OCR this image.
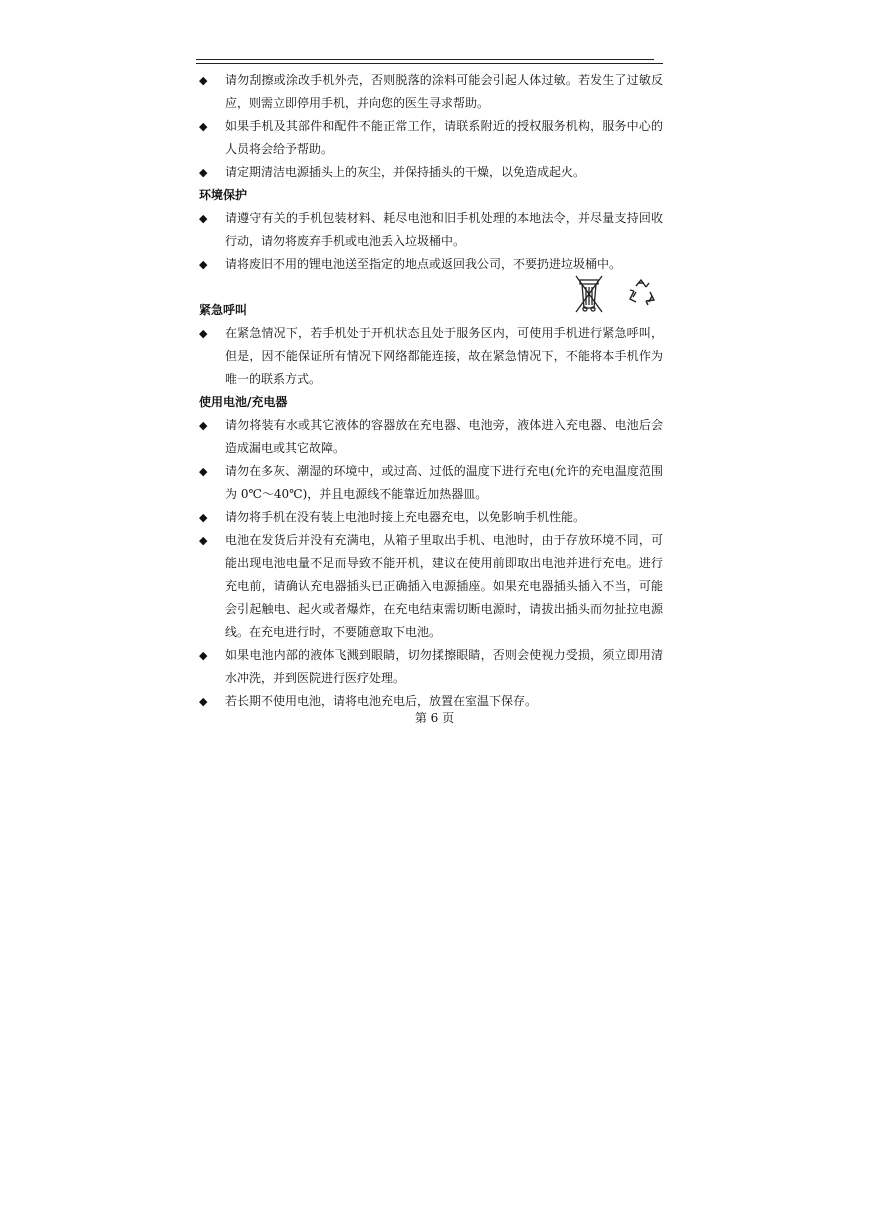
◆ 请勿刮擦或涂改手机外壳，否则脱落的涂料可能会引起人体过敏。若发生了过敏反应，则需立即停用手机，并向您的医生寻求帮助。
◆ 如果手机及其部件和配件不能正常工作，请联系附近的授权服务机构，服务中心的人员将会给予帮助。
◆ 请定期清洁电源插头上的灰尘，并保持插头的干燥，以免造成起火。
环境保护
◆ 请遵守有关的手机包装材料、耗尽电池和旧手机处理的本地法令，并尽量支持回收行动，请勿将废弃手机或电池丢入垃圾桶中。
◆ 请将废旧不用的锂电池送至指定的地点或返回我公司，不要扔进垃圾桶中。
紧急呼叫
◆ 在紧急情况下，若手机处于开机状态且处于服务区内，可使用手机进行紧急呼叫，但是，因不能保证所有情况下网络都能连接，故在紧急情况下，不能将本手机作为唯一的联系方式。
使用电池/充电器
◆ 请勿将装有水或其它液体的容器放在充电器、电池旁，液体进入充电器、电池后会造成漏电或其它故障。
◆ 请勿在多灰、潮湿的环境中，或过高、过低的温度下进行充电(允许的充电温度范围为 0℃～40℃)，并且电源线不能靠近加热器皿。
◆ 请勿将手机在没有装上电池时接上充电器充电，以免影响手机性能。
◆ 电池在发货后并没有充满电，从箱子里取出手机、电池时，由于存放环境不同，可能出现电池电量不足而导致不能开机，建议在使用前即取出电池并进行充电。进行充电前，请确认充电器插头已正确插入电源插座。如果充电器插头插入不当，可能会引起触电、起火或者爆炸，在充电结束需切断电源时，请拔出插头而勿扯拉电源线。在充电进行时，不要随意取下电池。
◆ 如果电池内部的液体飞溅到眼睛，切勿揉擦眼睛，否则会使视力受损，须立即用清水冲洗，并到医院进行医疗处理。
◆ 若长期不使用电池，请将电池充电后，放置在室温下保存。
第 6 页
